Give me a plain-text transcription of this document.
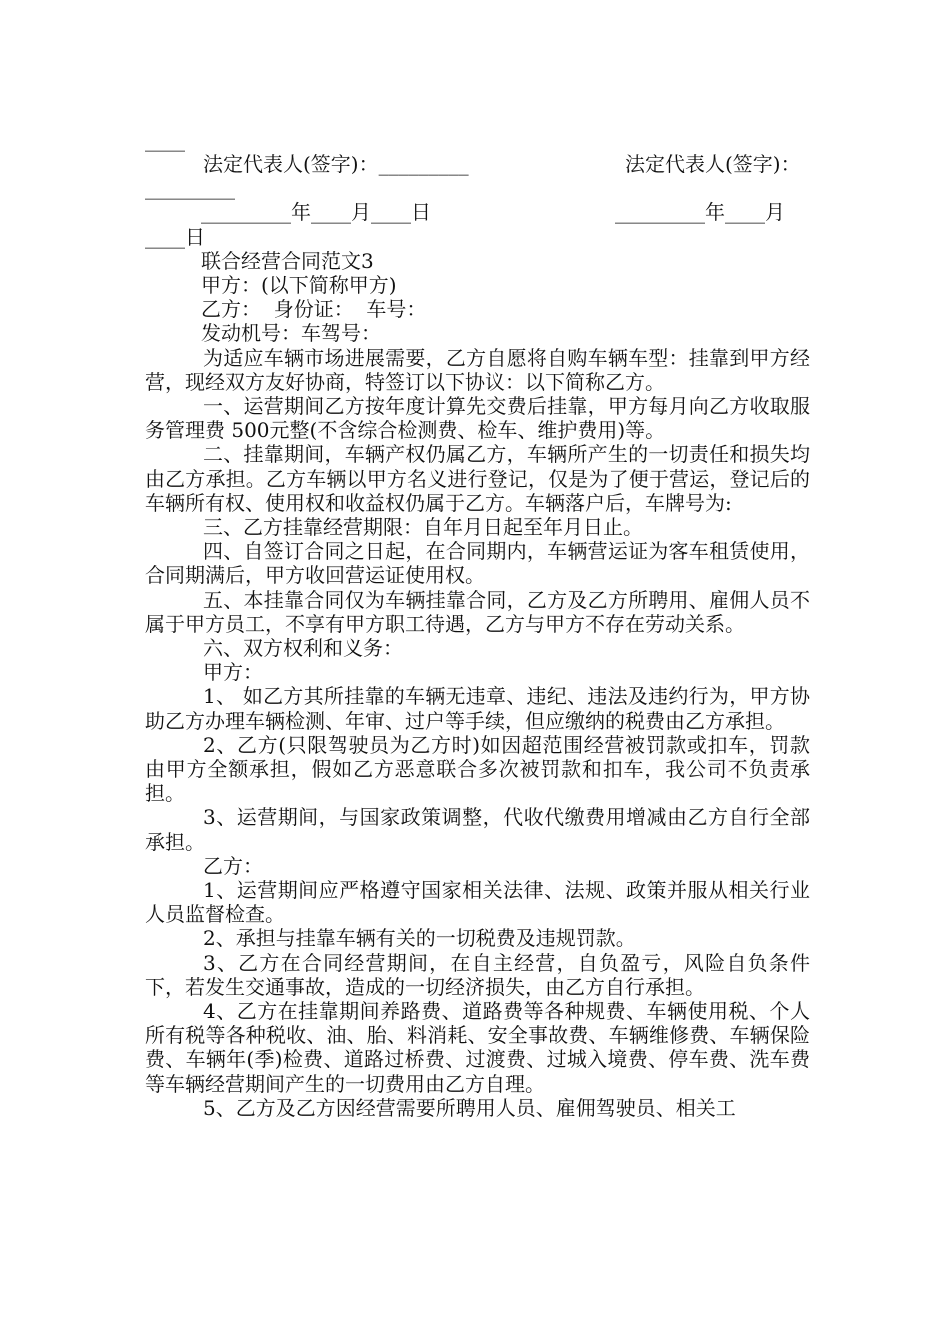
____
法定代表人(签字)：_________	法定代表人(签字)：
_________
_________年____月____日	_________年____月
____日
联合经营合同范文3
甲方：(以下简称甲方)
乙方：  身份证：  车号：
发动机号：车驾号：

为适应车辆市场进展需要，乙方自愿将自购车辆车型：挂靠到甲方经营，现经双方友好协商，特签订以下协议：以下简称乙方。

一、运营期间乙方按年度计算先交费后挂靠，甲方每月向乙方收取服务管理费 500元整(不含综合检测费、检车、维护费用)等。

二、挂靠期间，车辆产权仍属乙方，车辆所产生的一切责任和损失均由乙方承担。乙方车辆以甲方名义进行登记，仅是为了便于营运，登记后的车辆所有权、使用权和收益权仍属于乙方。车辆落户后，车牌号为:

三、乙方挂靠经营期限：自年月日起至年月日止。

四、自签订合同之日起，在合同期内，车辆营运证为客车租赁使用，合同期满后，甲方收回营运证使用权。

五、本挂靠合同仅为车辆挂靠合同，乙方及乙方所聘用、雇佣人员不属于甲方员工，不享有甲方职工待遇，乙方与甲方不存在劳动关系。

六、双方权利和义务：

甲方：

1、 如乙方其所挂靠的车辆无违章、违纪、违法及违约行为，甲方协助乙方办理车辆检测、年审、过户等手续，但应缴纳的税费由乙方承担。

2、乙方(只限驾驶员为乙方时)如因超范围经营被罚款或扣车，罚款由甲方全额承担，假如乙方恶意联合多次被罚款和扣车，我公司不负责承担。

3、运营期间，与国家政策调整，代收代缴费用增减由乙方自行全部承担。

乙方：

1、运营期间应严格遵守国家相关法律、法规、政策并服从相关行业人员监督检查。

2、承担与挂靠车辆有关的一切税费及违规罚款。

3、乙方在合同经营期间，在自主经营，自负盈亏，风险自负条件下，若发生交通事故，造成的一切经济损失，由乙方自行承担。

4、乙方在挂靠期间养路费、道路费等各种规费、车辆使用税、个人所有税等各种税收、油、胎、料消耗、安全事故费、车辆维修费、车辆保险费、车辆年(季)检费、道路过桥费、过渡费、过城入境费、停车费、洗车费等车辆经营期间产生的一切费用由乙方自理。

5、乙方及乙方因经营需要所聘用人员、雇佣驾驶员、相关工
